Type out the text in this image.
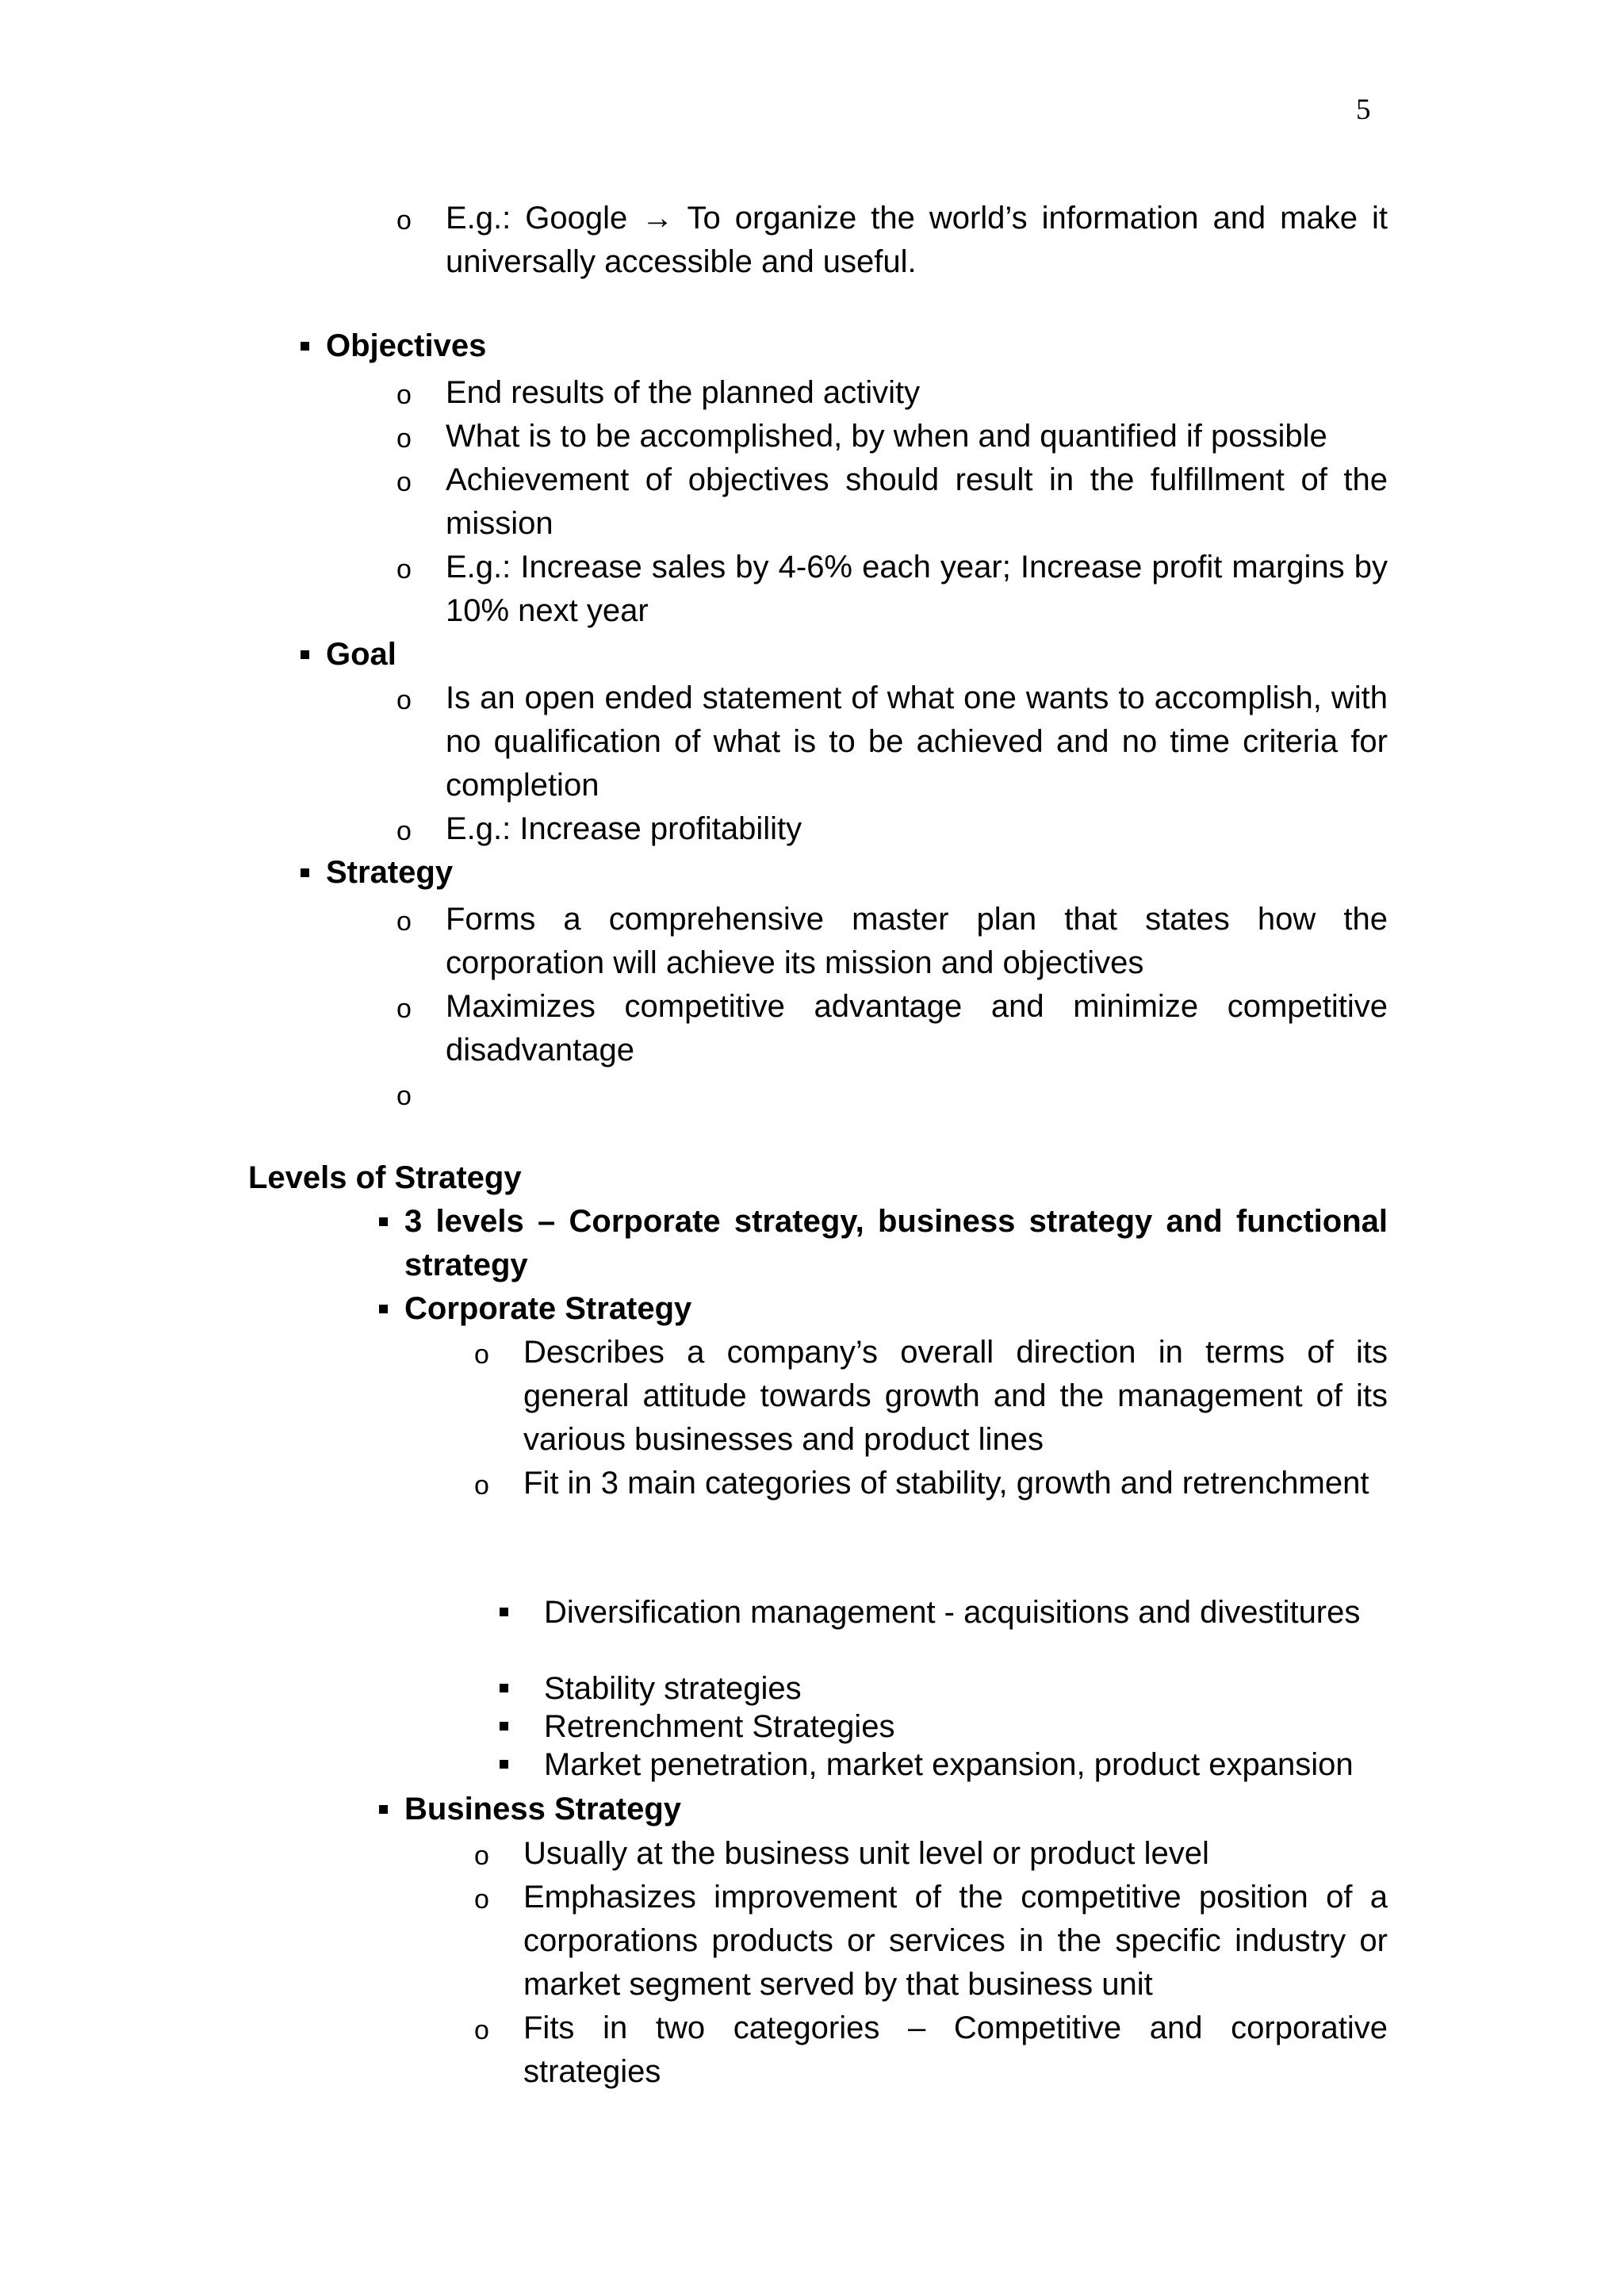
5
o E.g.: Google → To organize the world’s information and make it universally accessible and useful.
Objectives
o End results of the planned activity
o What is to be accomplished, by when and quantified if possible
o Achievement of objectives should result in the fulfillment of the mission
o E.g.: Increase sales by 4-6% each year; Increase profit margins by 10% next year
Goal
o Is an open ended statement of what one wants to accomplish, with no qualification of what is to be achieved and no time criteria for completion
o E.g.: Increase profitability
Strategy
o Forms a comprehensive master plan that states how the corporation will achieve its mission and objectives
o Maximizes competitive advantage and minimize competitive disadvantage
o
Levels of Strategy
3 levels – Corporate strategy, business strategy and functional strategy
Corporate Strategy
o Describes a company’s overall direction in terms of its general attitude towards growth and the management of its various businesses and product lines
o Fit in 3 main categories of stability, growth and retrenchment
Diversification management - acquisitions and divestitures
Stability strategies
Retrenchment Strategies
Market penetration, market expansion, product expansion
Business Strategy
o Usually at the business unit level or product level
o Emphasizes improvement of the competitive position of a corporations products or services in the specific industry or market segment served by that business unit
o Fits in two categories – Competitive and corporative strategies
